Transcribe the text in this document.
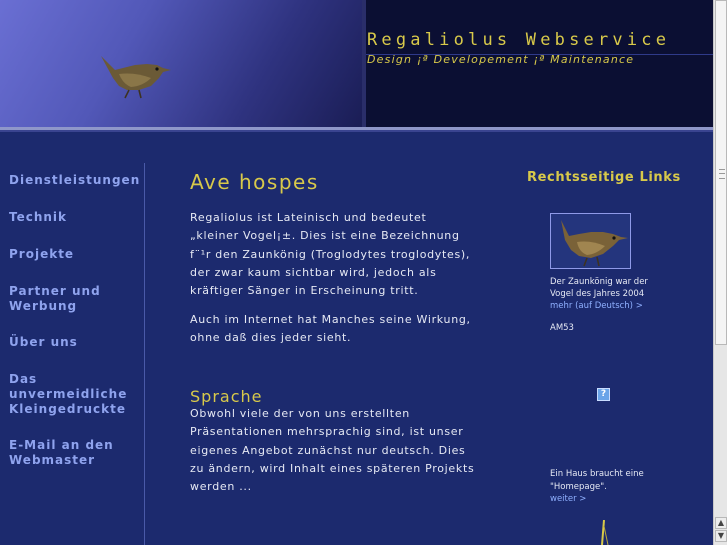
Regaliolus Webservice
Design ¡ª Developement ¡ª Maintenance
Dienstleistungen
Technik
Projekte
Partner und Werbung
Über uns
Das unvermeidliche Kleingedruckte
E-Mail an den Webmaster
Ave hospes

Regaliolus ist Lateinisch und bedeutet „kleiner Vogel¡±. Dies ist eine Bezeichnung f¨¹r den Zaunkönig (Troglodytes troglodytes), der zwar kaum sichtbar wird, jedoch als kräftiger Sänger in Erscheinung tritt.

Auch im Internet hat Manches seine Wirkung, ohne daß dies jeder sieht.

Sprache

Obwohl viele der von uns erstellten Präsentationen mehrsprachig sind, ist unser eigenes Angebot zunächst nur deutsch. Dies zu ändern, wird Inhalt eines späteren Projekts werden ...

Rechtsseitige Links
Der Zaunkönig war der
Vogel des Jahres 2004
mehr (auf Deutsch) >
AM53
?
Ein Haus braucht eine
"Homepage".
weiter >
▲
▼
